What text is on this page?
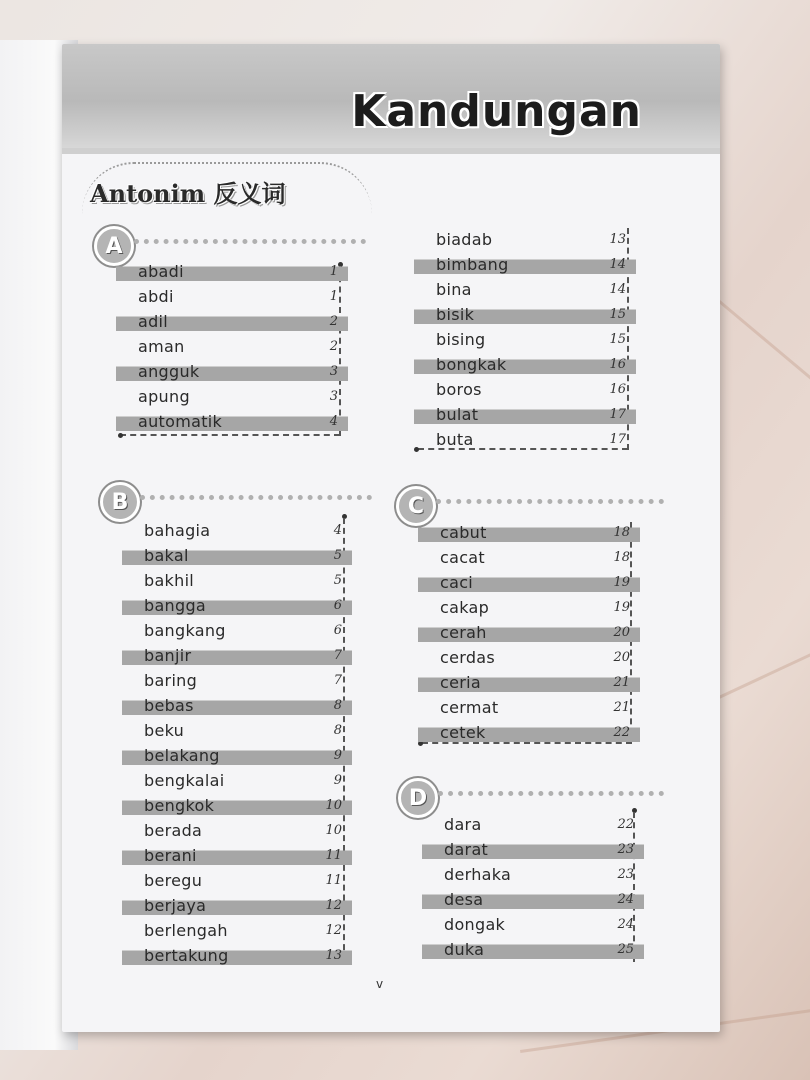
Kandungan
Antonim 反义词
A
abadi	1
abdi	1
adil	2
aman	2
angguk	3
apung	3
automatik	4
biadab	13
bimbang	14
bina	14
bisik	15
bising	15
bongkak	16
boros	16
bulat	17
buta	17
B
bahagia	4
bakal	5
bakhil	5
bangga	6
bangkang	6
banjir	7
baring	7
bebas	8
beku	8
belakang	9
bengkalai	9
bengkok	10
berada	10
berani	11
beregu	11
berjaya	12
berlengah	12
bertakung	13
C
cabut	18
cacat	18
caci	19
cakap	19
cerah	20
cerdas	20
ceria	21
cermat	21
cetek	22
D
dara	22
darat	23
derhaka	23
desa	24
dongak	24
duka	25
v
